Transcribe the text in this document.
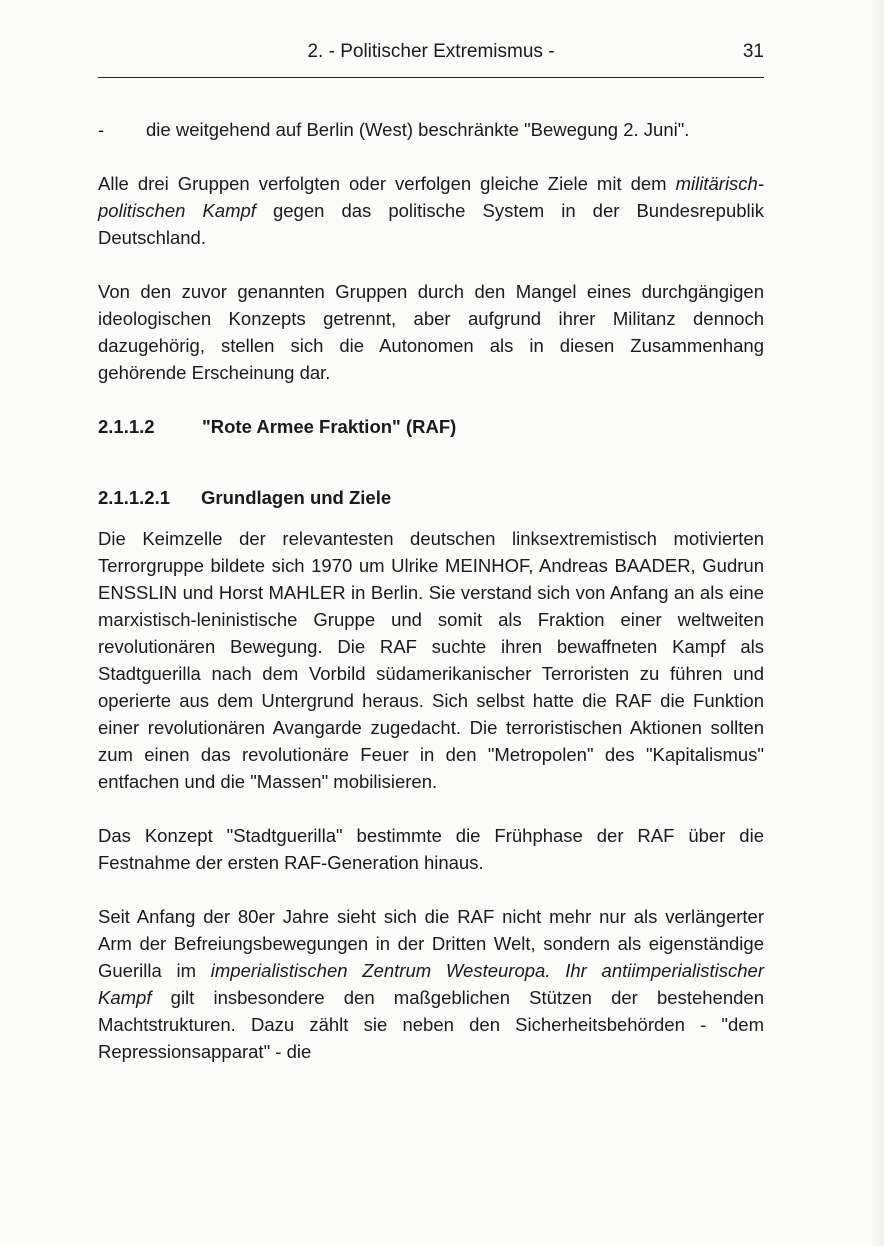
2. - Politischer Extremismus -	31

- die weitgehend auf Berlin (West) beschränkte "Bewegung 2. Juni".

Alle drei Gruppen verfolgten oder verfolgen gleiche Ziele mit dem militärisch-politischen Kampf gegen das politische System in der Bundesrepublik Deutschland.

Von den zuvor genannten Gruppen durch den Mangel eines durchgängigen ideologischen Konzepts getrennt, aber aufgrund ihrer Militanz dennoch dazugehörig, stellen sich die Autonomen als in diesen Zusammenhang gehörende Erscheinung dar.

2.1.1.2	"Rote Armee Fraktion" (RAF)
2.1.1.2.1	Grundlagen und Ziele

Die Keimzelle der relevantesten deutschen linksextremistisch motivierten Terrorgruppe bildete sich 1970 um Ulrike MEINHOF, Andreas BAADER, Gudrun ENSSLIN und Horst MAHLER in Berlin. Sie verstand sich von Anfang an als eine marxistisch-leninistische Gruppe und somit als Fraktion einer weltweiten revolutionären Bewegung. Die RAF suchte ihren bewaffneten Kampf als Stadtguerilla nach dem Vorbild südamerikanischer Terroristen zu führen und operierte aus dem Untergrund heraus. Sich selbst hatte die RAF die Funktion einer revolutionären Avangarde zugedacht. Die terroristischen Aktionen sollten zum einen das revolutionäre Feuer in den "Metropolen" des "Kapitalismus" entfachen und die "Massen" mobilisieren.

Das Konzept "Stadtguerilla" bestimmte die Frühphase der RAF über die Festnahme der ersten RAF-Generation hinaus.

Seit Anfang der 80er Jahre sieht sich die RAF nicht mehr nur als verlängerter Arm der Befreiungsbewegungen in der Dritten Welt, sondern als eigenständige Guerilla im imperialistischen Zentrum Westeuropa. Ihr antiimperialistischer Kampf gilt insbesondere den maßgeblichen Stützen der bestehenden Machtstrukturen. Dazu zählt sie neben den Sicherheitsbehörden - "dem Repressionsapparat" - die
